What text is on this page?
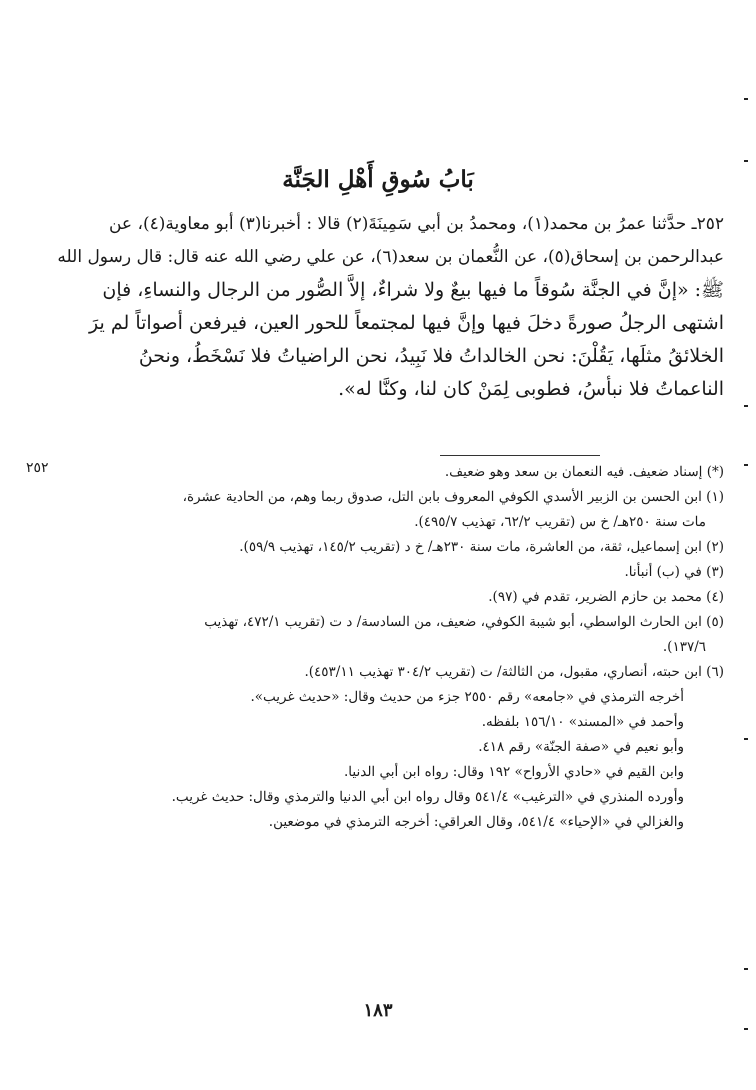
بَابُ سُوقِ أَهْلِ الجَنَّة

٢٥٢ـ حدَّثنا عمرُ بن محمد(١)، ومحمدُ بن أبي سَمِينَةَ(٢) قالا : أخبرنا(٣) أبو معاوية(٤)، عن
عبدالرحمن بن إسحاق(٥)، عن النُّعمان بن سعد(٦)، عن علي رضي الله عنه قال: قال رسول الله
ﷺ: «إنَّ في الجنَّة سُوقاً ما فيها بيعٌ ولا شراءٌ، إلاَّ الصُّور من الرجال والنساءِ، فإن
اشتهى الرجلُ صورةً دخلَ فيها وإنَّ فيها لمجتمعاً للحور العين، فيرفعن أصواتاً لم يرَ
الخلائقُ مثلَها، يَقُلْنَ: نحن الخالداتُ فلا نَبِيدُ، نحن الراضياتُ فلا نَسْخَطُ، ونحنُ
الناعماتُ فلا نبأسُ، فطوبى لِمَنْ كان لنا، وكنَّا له».

٢٥٢	(*) إسناد ضعيف. فيه النعمان بن سعد وهو ضعيف.
(١) ابن الحسن بن الزبير الأسدي الكوفي المعروف بابن التل، صدوق ربما وهم، من الحادية عشرة،
مات سنة ٢٥٠هـ/ خ س (تقريب ٦٢/٢، تهذيب ٤٩٥/٧).
(٢) ابن إسماعيل، ثقة، من العاشرة، مات سنة ٢٣٠هـ/ خ د (تقريب ١٤٥/٢، تهذيب ٥٩/٩).
(٣) في (ب) أنبأنا.
(٤) محمد بن حازم الضرير، تقدم في (٩٧).
(٥) ابن الحارث الواسطي، أبو شيبة الكوفي، ضعيف، من السادسة/ د ت (تقريب ٤٧٢/١، تهذيب
١٣٧/٦).
(٦) ابن حبته، أنصاري، مقبول، من الثالثة/ ت (تقريب ٣٠٤/٢ تهذيب ٤٥٣/١١).
أخرجه الترمذي في «جامعه» رقم ٢٥٥٠ جزء من حديث وقال: «حديث غريب».
وأحمد في «المسند» ١٥٦/١٠ بلفظه.
وأبو نعيم في «صفة الجنّة» رقم ٤١٨.
وابن القيم في «حادي الأرواح» ١٩٢ وقال: رواه ابن أبي الدنيا.
وأورده المنذري في «الترغيب» ٥٤١/٤ وقال رواه ابن أبي الدنيا والترمذي وقال: حديث غريب.
والغزالي في «الإحياء» ٥٤١/٤، وقال العراقي: أخرجه الترمذي في موضعين.
١٨٣
